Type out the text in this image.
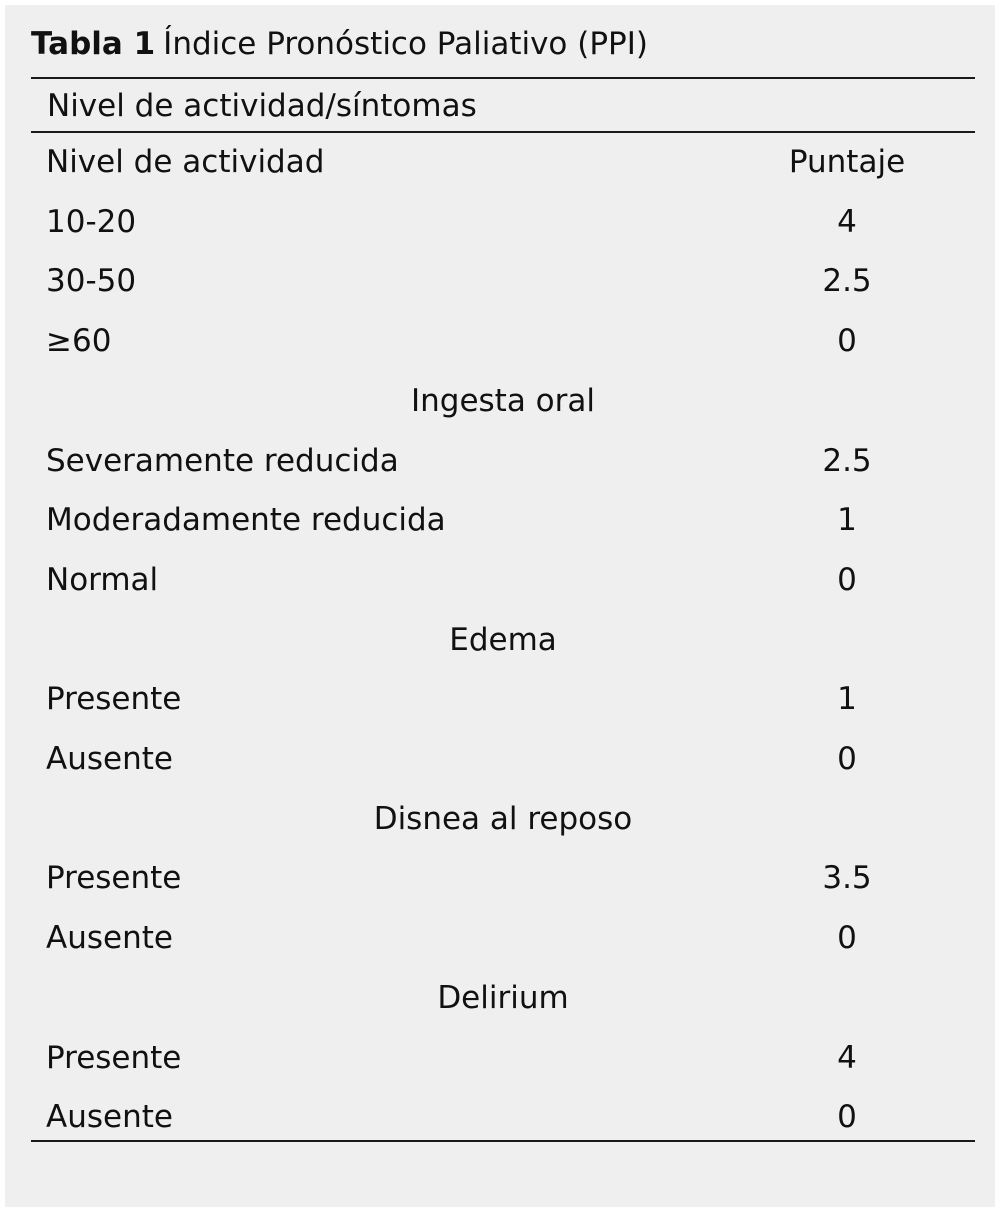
Tabla 1 Índice Pronóstico Paliativo (PPI)
Nivel de actividad/síntomas
Nivel de actividad	Puntaje
10-20	4
30-50	2.5
≥60	0
Ingesta oral
Severamente reducida	2.5
Moderadamente reducida	1
Normal	0
Edema
Presente	1
Ausente	0
Disnea al reposo
Presente	3.5
Ausente	0
Delirium
Presente	4
Ausente	0
